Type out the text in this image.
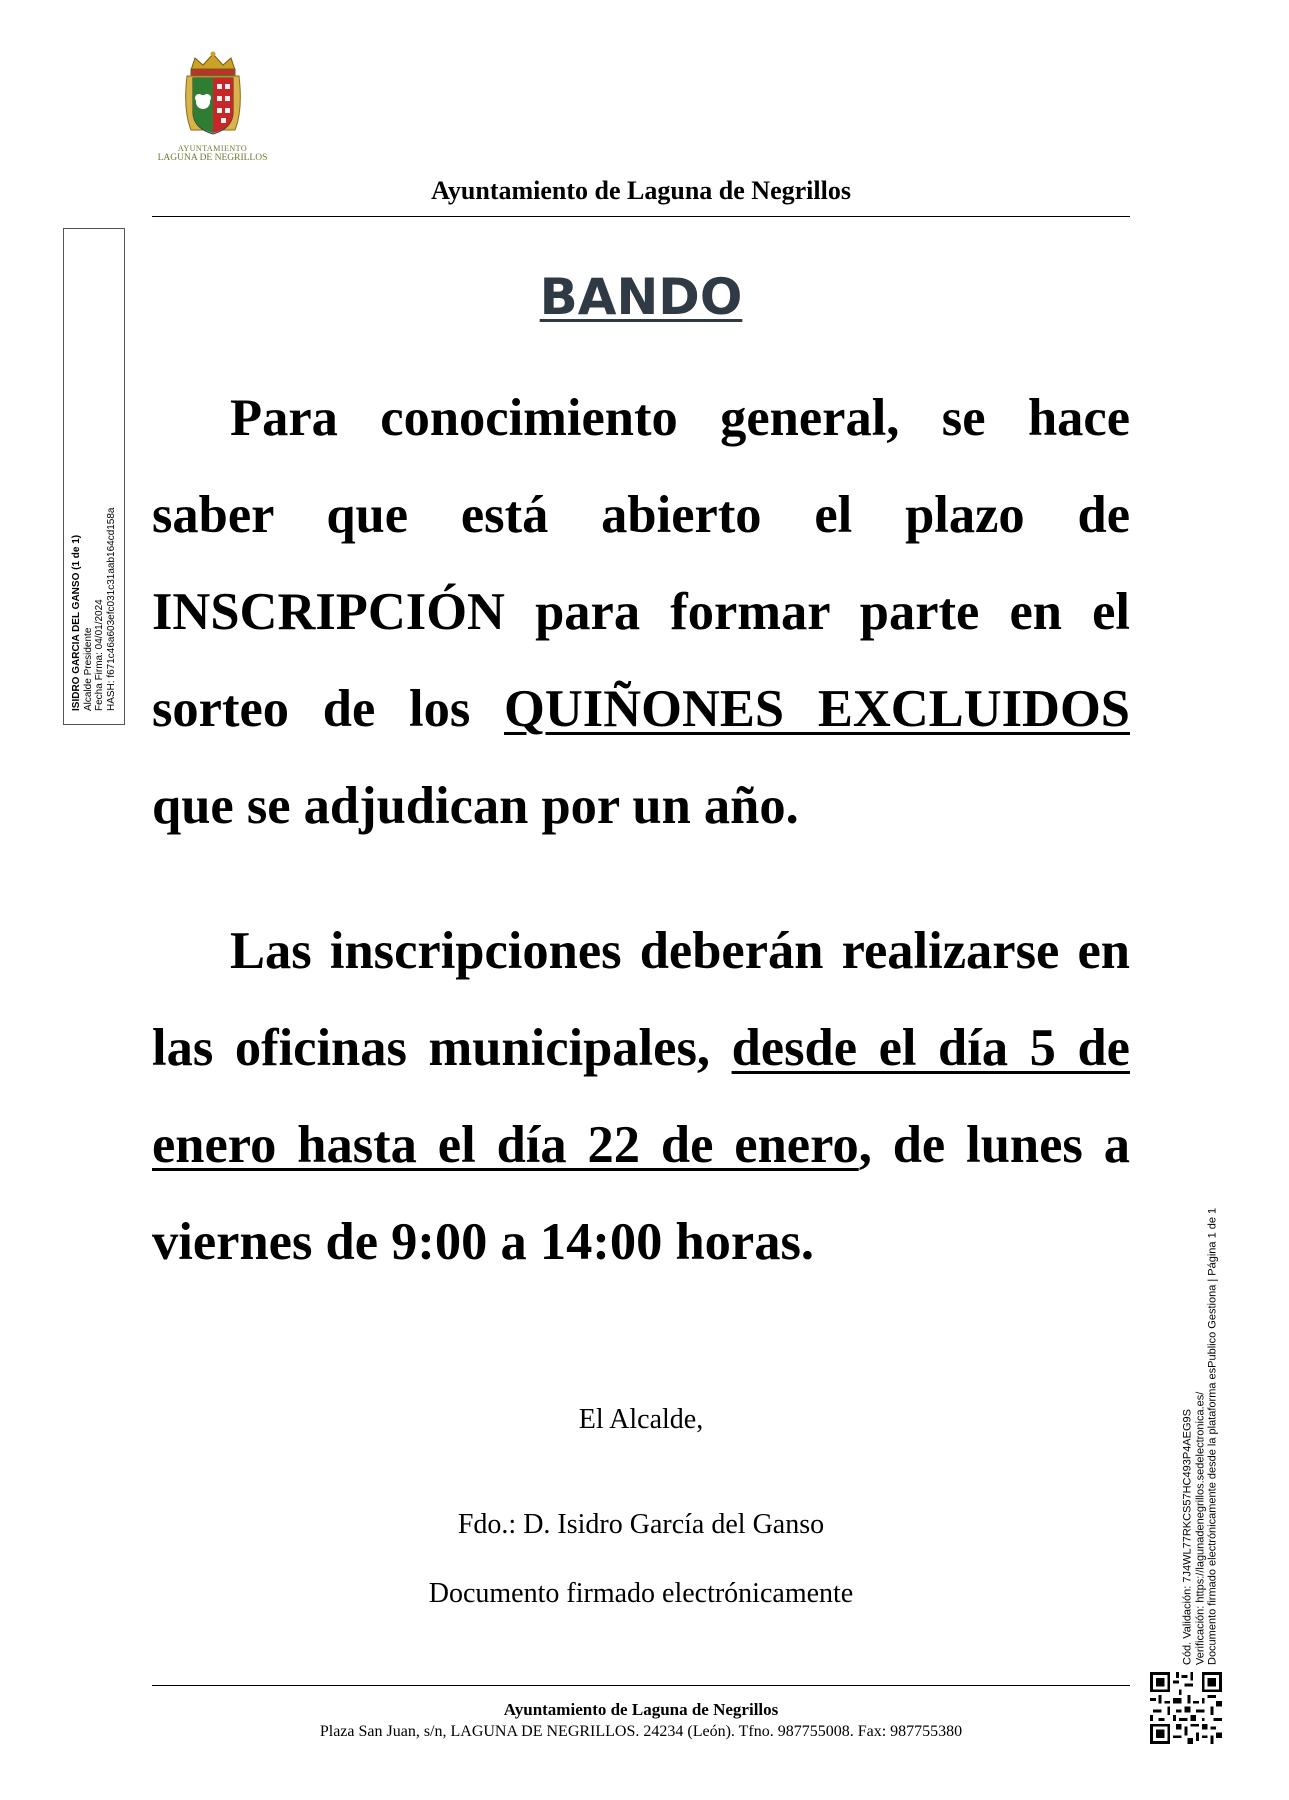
AYUNTAMIENTO
LAGUNA DE NEGRILLOS
Ayuntamiento de Laguna de Negrillos
ISIDRO GARCIA DEL GANSO (1 de 1) Alcalde Presidente Fecha Firma: 04/01/2024 HASH: f671c46a603efc031c31aab164cd158a
BANDO
Para conocimiento general, se hace saber que está abierto el plazo de INSCRIPCIÓN para formar parte en el sorteo de los QUIÑONES EXCLUIDOS que se adjudican por un año.
Las inscripciones deberán realizarse en las oficinas municipales, desde el día 5 de enero hasta el día 22 de enero, de lunes a viernes de 9:00 a 14:00 horas.
El Alcalde,
Fdo.: D. Isidro García del Ganso
Documento firmado electrónicamente	Cód. Validación: 7J4WL77RKCS57HC493P4AEG9S Verificación: https://lagunadenegrillos.sedelectronica.es/ Documento firmado electrónicamente desde la plataforma esPublico Gestiona | Página 1 de 1
Ayuntamiento de Laguna de Negrillos
Plaza San Juan, s/n, LAGUNA DE NEGRILLOS. 24234 (León). Tfno. 987755008. Fax: 987755380
